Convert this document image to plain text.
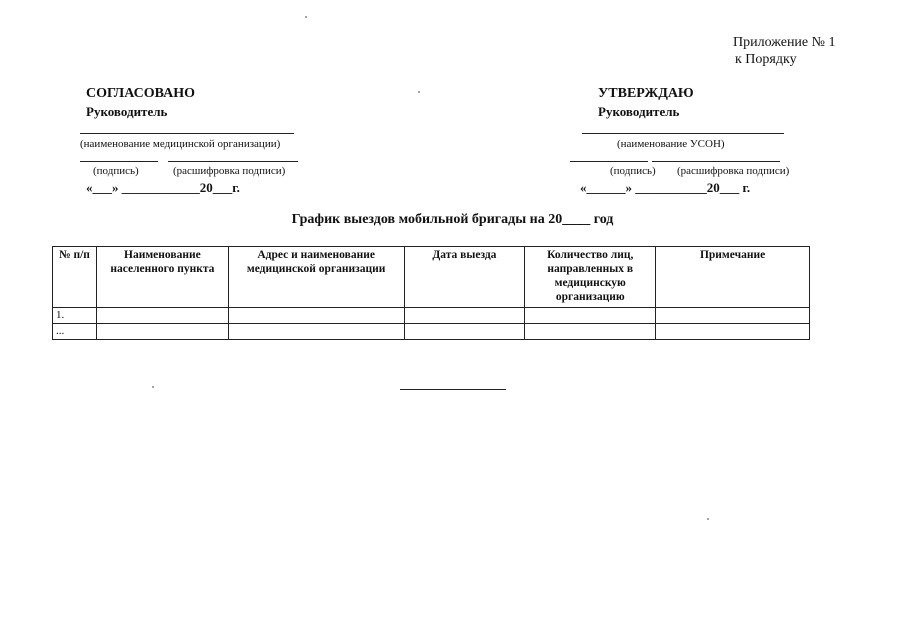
Приложение № 1
к Порядку
СОГЛАСОВАНО
Руководитель
(наименование медицинской организации)
(подпись)	(расшифровка подписи)
«___» ____________20___г.
УТВЕРЖДАЮ
Руководитель
(наименование УСОН)
(подпись) (расшифровка подписи)
«______» ___________20___ г.
График выездов мобильной бригады на 20____ год
№ п/п	Наименование населенного пункта	Адрес и наименование медицинской организации	Дата выезда	Количество лиц, направленных в медицинскую организацию	Примечание
1.					
...					
